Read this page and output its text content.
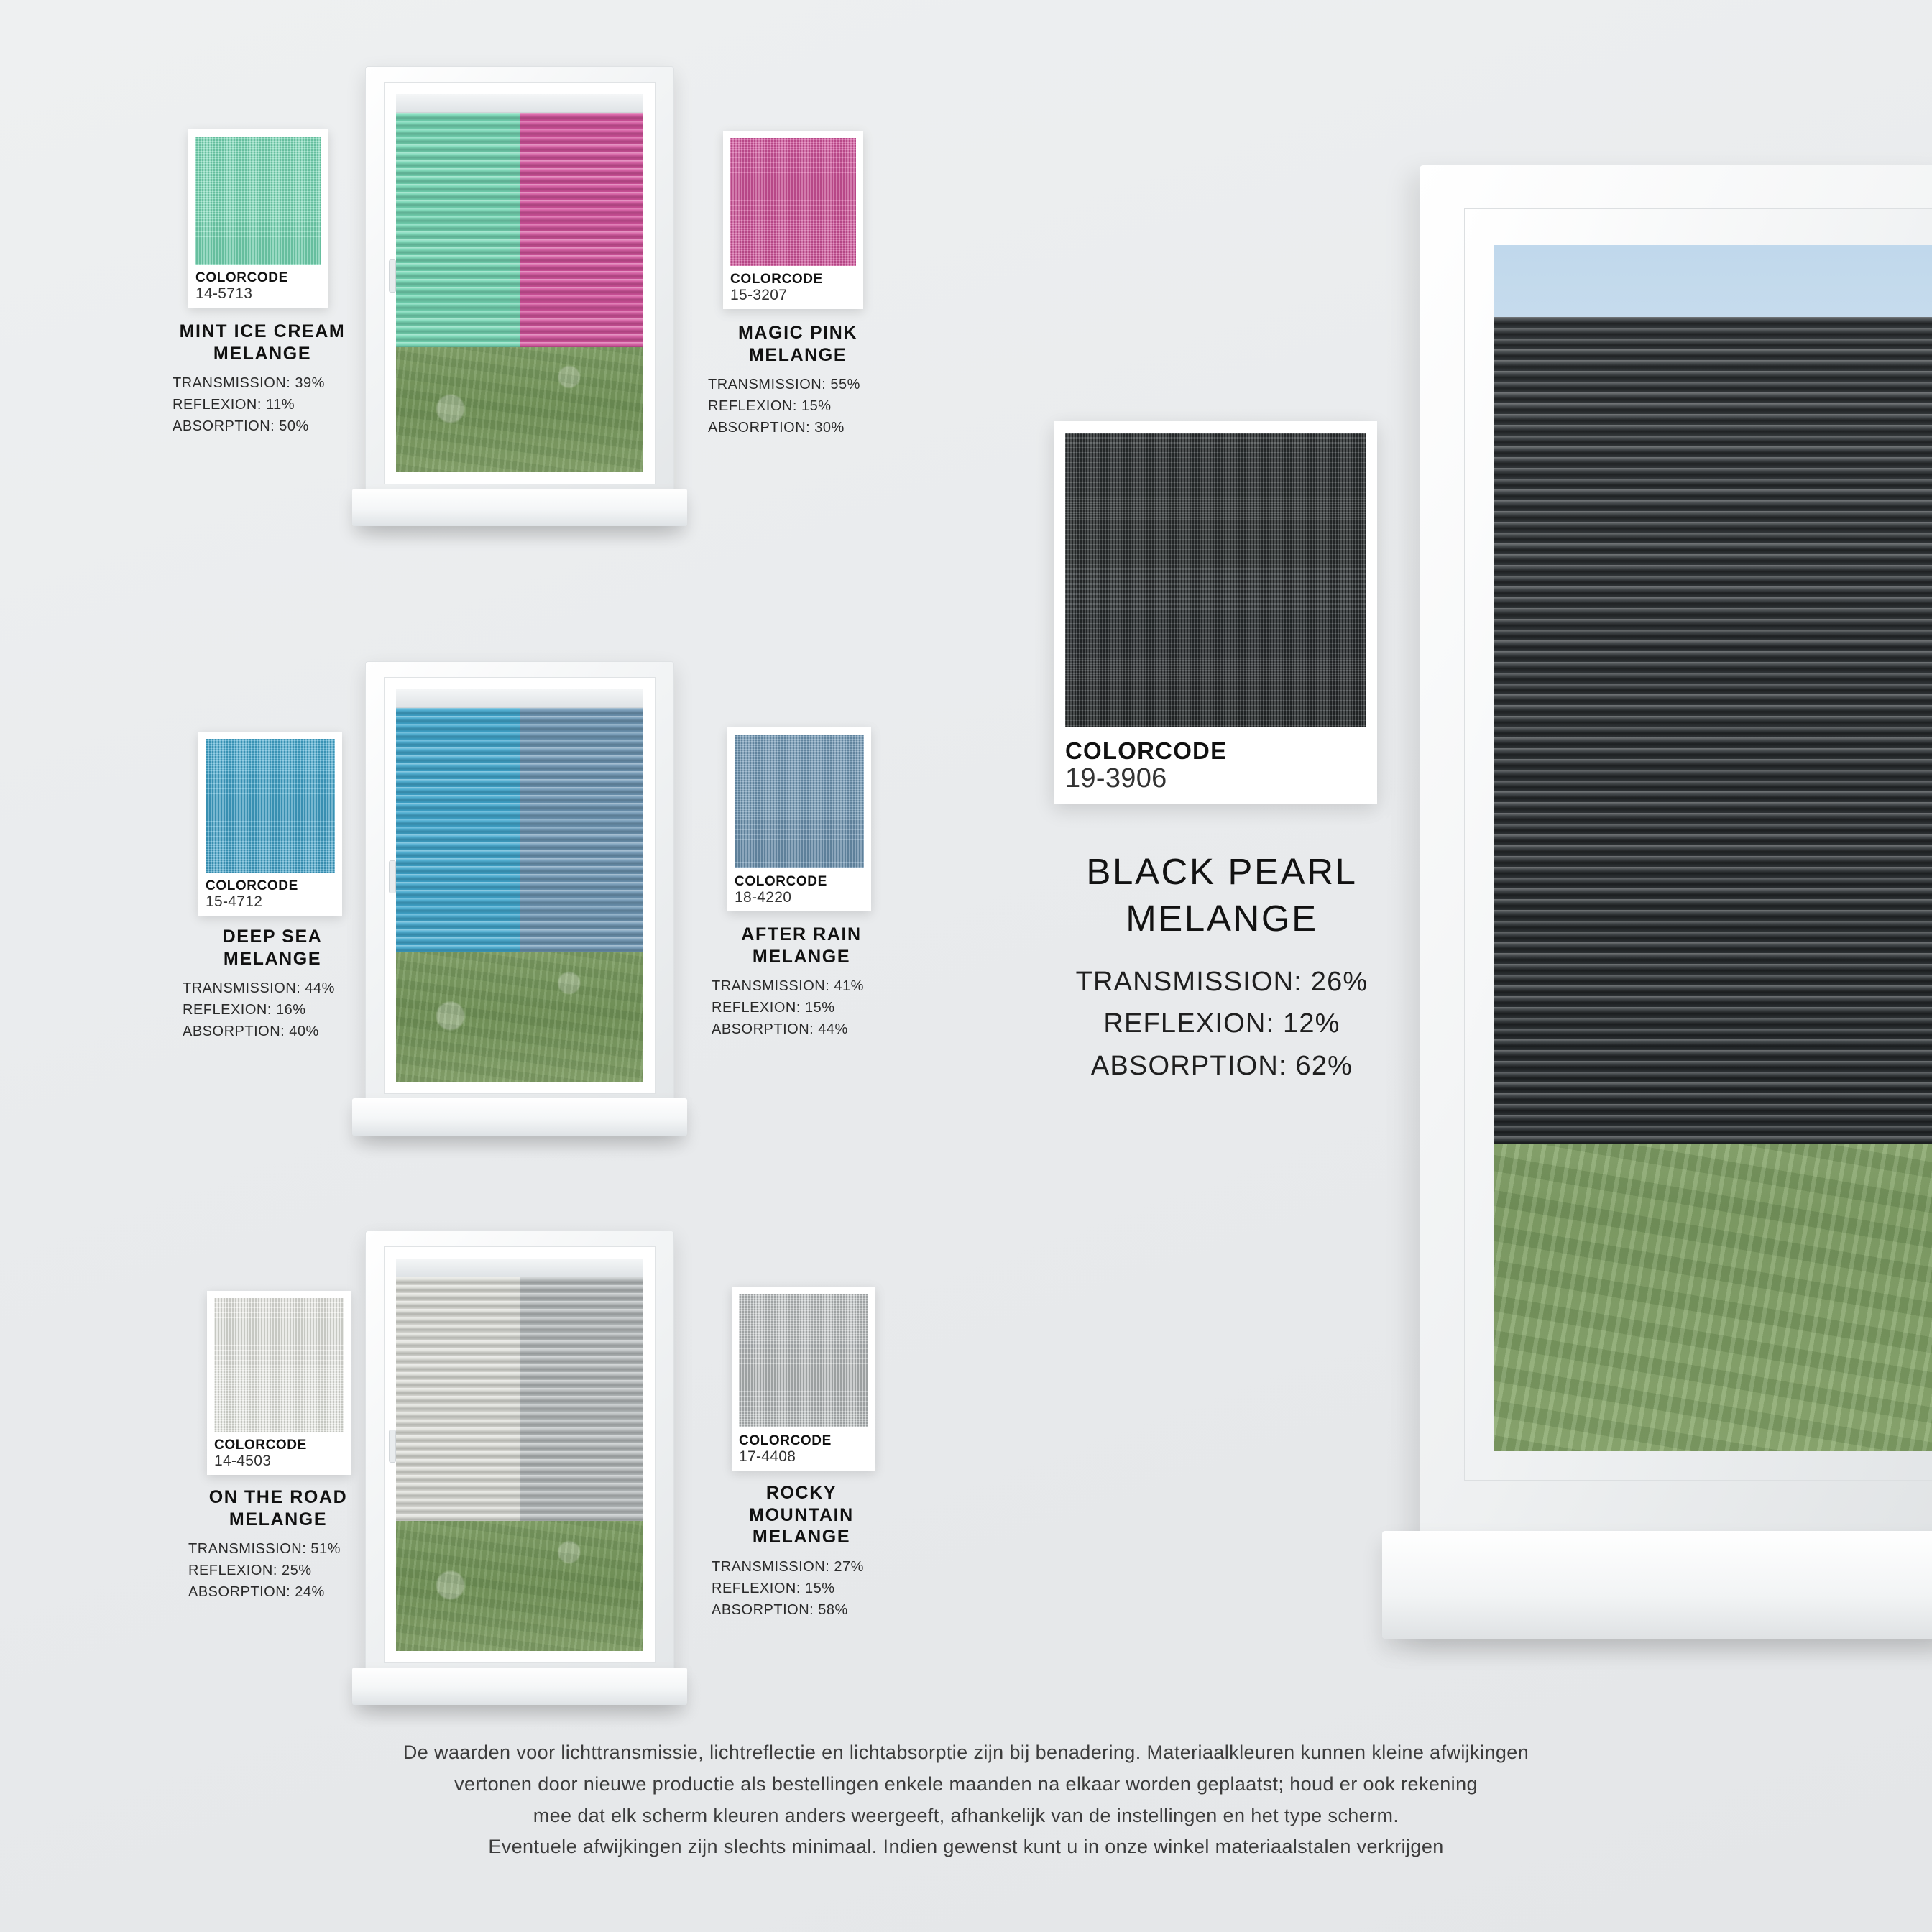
COLORCODE
14-5713
MINT ICE CREAM
MELANGE
TRANSMISSION: 39%
REFLEXION: 11%
ABSORPTION: 50%
COLORCODE
15-3207
MAGIC PINK
MELANGE
TRANSMISSION: 55%
REFLEXION: 15%
ABSORPTION: 30%
COLORCODE
15-4712
DEEP SEA
MELANGE
TRANSMISSION: 44%
REFLEXION: 16%
ABSORPTION: 40%
COLORCODE
18-4220
AFTER RAIN
MELANGE
TRANSMISSION: 41%
REFLEXION: 15%
ABSORPTION: 44%
COLORCODE
14-4503
ON THE ROAD
MELANGE
TRANSMISSION: 51%
REFLEXION: 25%
ABSORPTION: 24%
COLORCODE
17-4408
ROCKY MOUNTAIN
MELANGE
TRANSMISSION: 27%
REFLEXION: 15%
ABSORPTION: 58%
COLORCODE
19-3906
BLACK PEARL
MELANGE
TRANSMISSION: 26%
REFLEXION: 12%
ABSORPTION: 62%
De waarden voor lichttransmissie, lichtreflectie en lichtabsorptie zijn bij benadering. Materiaalkleuren kunnen kleine afwijkingen
vertonen door nieuwe productie als bestellingen enkele maanden na elkaar worden geplaatst; houd er ook rekening
mee dat elk scherm kleuren anders weergeeft, afhankelijk van de instellingen en het type scherm.
Eventuele afwijkingen zijn slechts minimaal. Indien gewenst kunt u in onze winkel materiaalstalen verkrijgen
